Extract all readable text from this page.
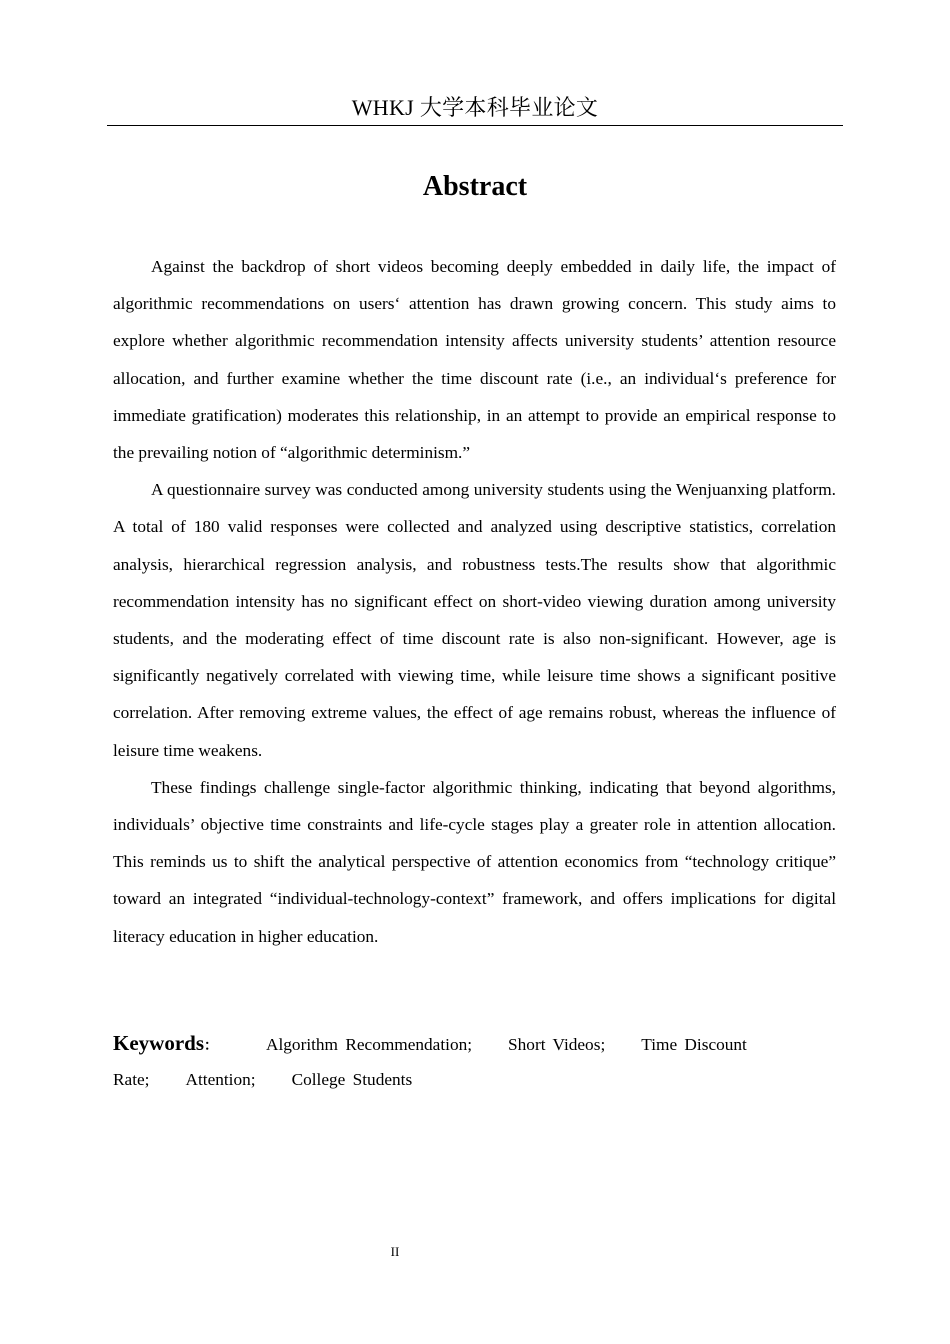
WHKJ 大学本科毕业论文
Abstract

Against the backdrop of short videos becoming deeply embedded in daily life, the impact of algorithmic recommendations on users‘ attention has drawn growing concern. This study aims to explore whether algorithmic recommendation intensity affects university students’ attention resource allocation, and further examine whether the time discount rate (i.e., an individual‘s preference for immediate gratification) moderates this relationship, in an attempt to provide an empirical response to the prevailing notion of “algorithmic determinism.”

A questionnaire survey was conducted among university students using the Wenjuanxing platform. A total of 180 valid responses were collected and analyzed using descriptive statistics, correlation analysis, hierarchical regression analysis, and robustness tests.The results show that algorithmic recommendation intensity has no significant effect on short-video viewing duration among university students, and the moderating effect of time discount rate is also non-significant. However, age is significantly negatively correlated with viewing time, while leisure time shows a significant positive correlation. After removing extreme values, the effect of age remains robust, whereas the influence of leisure time weakens.

These findings challenge single-factor algorithmic thinking, indicating that beyond algorithms, individuals’ objective time constraints and life-cycle stages play a greater role in attention allocation. This reminds us to shift the analytical perspective of attention economics from “technology critique” toward an integrated “individual-technology-context” framework, and offers implications for digital literacy education in higher education.

Keywords：	Algorithm Recommendation; Short Videos; Time Discount Rate; Attention; College Students
II
